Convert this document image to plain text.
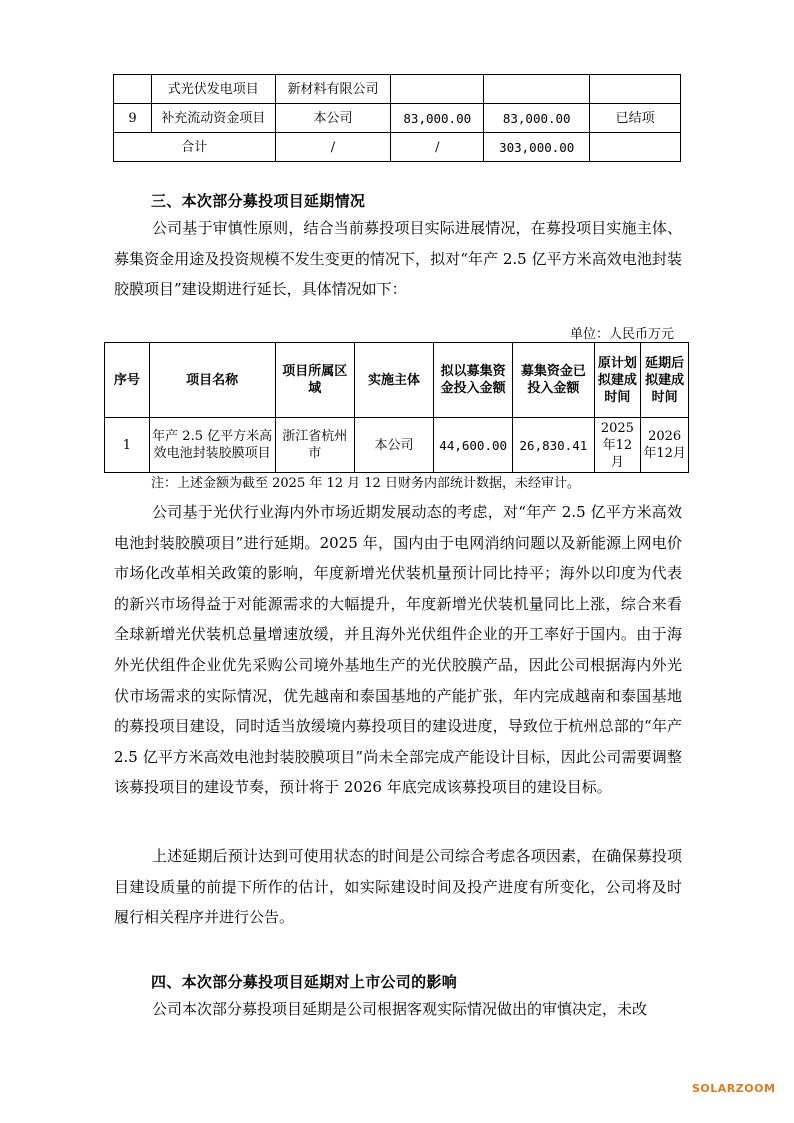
	式光伏发电项目	新材料有限公司			
9	补充流动资金项目	本公司	83,000.00	83,000.00	已结项
合计		/	/	303,000.00	
三、本次部分募投项目延期情况

公司基于审慎性原则，结合当前募投项目实际进展情况，在募投项目实施主体、募集资金用途及投资规模不发生变更的情况下，拟对“年产 2.5 亿平方米高效电池封装胶膜项目”建设期进行延长，具体情况如下：

单位：人民币万元
序号	项目名称	项目所属区域	实施主体	拟以募集资金投入金额	募集资金已投入金额	原计划拟建成时间	延期后拟建成时间
1	年产 2.5 亿平方米高效电池封装胶膜项目	浙江省杭州市	本公司	44,600.00	26,830.41	2025年12月	2026年12月
注：上述金额为截至 2025 年 12 月 12 日财务内部统计数据，未经审计。

公司基于光伏行业海内外市场近期发展动态的考虑，对“年产 2.5 亿平方米高效电池封装胶膜项目”进行延期。2025 年，国内由于电网消纳问题以及新能源上网电价市场化改革相关政策的影响，年度新增光伏装机量预计同比持平；海外以印度为代表的新兴市场得益于对能源需求的大幅提升，年度新增光伏装机量同比上涨，综合来看全球新增光伏装机总量增速放缓，并且海外光伏组件企业的开工率好于国内。由于海外光伏组件企业优先采购公司境外基地生产的光伏胶膜产品，因此公司根据海内外光伏市场需求的实际情况，优先越南和泰国基地的产能扩张，年内完成越南和泰国基地的募投项目建设，同时适当放缓境内募投项目的建设进度，导致位于杭州总部的“年产 2.5 亿平方米高效电池封装胶膜项目”尚未全部完成产能设计目标，因此公司需要调整该募投项目的建设节奏，预计将于 2026 年底完成该募投项目的建设目标。

上述延期后预计达到可使用状态的时间是公司综合考虑各项因素，在确保募投项目建设质量的前提下所作的估计，如实际建设时间及投产进度有所变化，公司将及时履行相关程序并进行公告。

四、本次部分募投项目延期对上市公司的影响

公司本次部分募投项目延期是公司根据客观实际情况做出的审慎决定，未改

SOLARZOOM
